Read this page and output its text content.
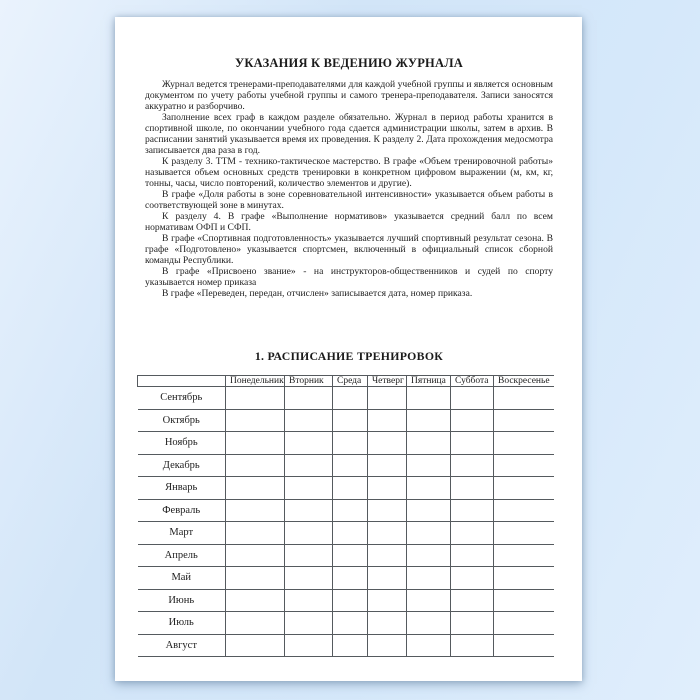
УКАЗАНИЯ К ВЕДЕНИЮ ЖУРНАЛА

Журнал ведется тренерами-преподавателями для каждой учебной группы и является основным документом по учету работы учебной группы и самого тренера-преподавателя. Записи заносятся аккуратно и разборчиво.

Заполнение всех граф в каждом разделе обязательно. Журнал в период работы хранится в спортивной школе, по окончании учебного года сдается администрации школы, затем в архив. В расписании занятий указывается время их проведения. К разделу 2. Дата прохождения медосмотра записывается два раза в год.

К разделу 3. ТТМ - технико-тактическое мастерство. В графе «Объем тренировочной работы» называется объем основных средств тренировки в конкретном цифровом выражении (м, км, кг, тонны, часы, число повторений, количество элементов и другие).

В графе «Доля работы в зоне соревновательной интенсивности» указывается объем работы в соответствующей зоне в минутах.

К разделу 4. В графе «Выполнение нормативов» указывается средний балл по всем нормативам ОФП и СФП.

В графе «Спортивная подготовленность» указывается лучший спортивный результат сезона. В графе «Подготовлено» указывается спортсмен, включенный в официальный список сборной команды Республики.

В графе «Присвоено звание» - на инструкторов-общественников и судей по спорту указывается номер приказа

В графе «Переведен, передан, отчислен» записывается дата, номер приказа.

1. РАСПИСАНИЕ ТРЕНИРОВОК
	Понедельник	Вторник	Среда	Четверг	Пятница	Суббота	Воскресенье
Сентябрь							
Октябрь							
Ноябрь							
Декабрь							
Январь							
Февраль							
Март							
Апрель							
Май							
Июнь							
Июль							
Август							
